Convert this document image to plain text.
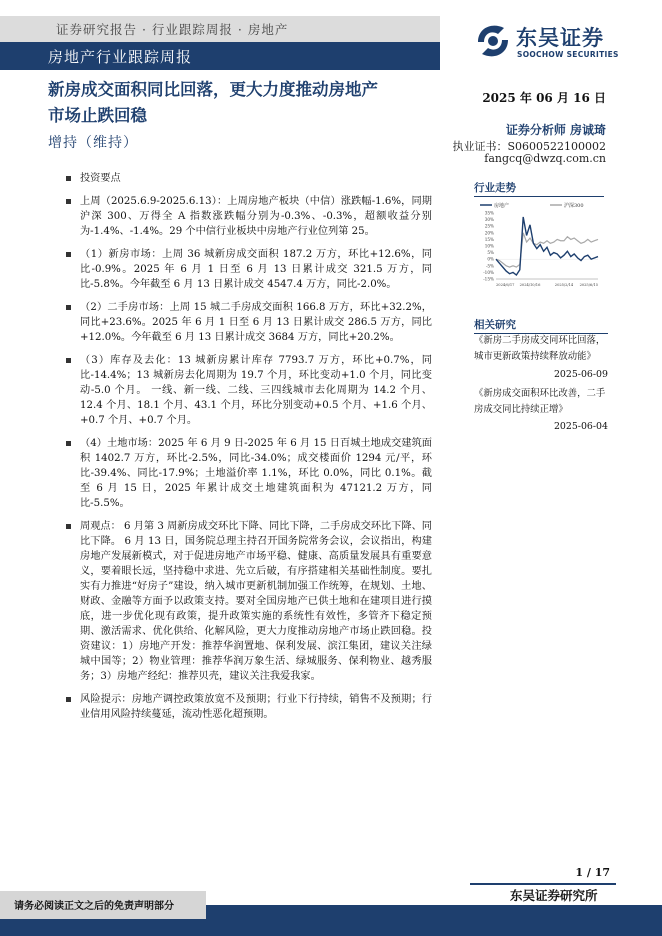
证券研究报告 · 行业跟踪周报 · 房地产
房地产行业跟踪周报
东吴证券
SOOCHOW SECURITIES
新房成交面积同比回落，更大力度推动房地产
市场止跌回稳
增持（维持）
2025 年 06 月 16 日
证券分析师 房诚琦
执业证书：S0600522100002
fangcq@dwzq.com.cn
投资要点
上周（2025.6.9-2025.6.13）：上周房地产板块（中信）涨跌幅-1.6%，同期沪深 300、万得全 A 指数涨跌幅分别为-0.3%、-0.3%，超额收益分别为-1.4%、-1.4%。29 个中信行业板块中房地产行业位列第 25。
（1）新房市场：上周 36 城新房成交面积 187.2 万方，环比+12.6%，同比-0.9%。2025 年 6 月 1 日至 6 月 13 日累计成交 321.5 万方，同比-5.8%。今年截至 6 月 13 日累计成交 4547.4 万方，同比-2.0%。
（2）二手房市场：上周 15 城二手房成交面积 166.8 万方，环比+32.2%，同比+23.6%。2025 年 6 月 1 日至 6 月 13 日累计成交 286.5 万方，同比+12.0%。今年截至 6 月 13 日累计成交 3684 万方，同比+20.2%。
（3）库存及去化：13 城新房累计库存 7793.7 万方，环比+0.7%，同比-14.4%；13 城新房去化周期为 19.7 个月，环比变动+1.0 个月，同比变动-5.0 个月。 一线、新一线、二线、三四线城市去化周期为 14.2 个月、12.4 个月、18.1 个月、43.1 个月，环比分别变动+0.5 个月、+1.6 个月、+0.7 个月、+0.7 个月。
（4）土地市场：2025 年 6 月 9 日-2025 年 6 月 15 日百城土地成交建筑面积 1402.7 万方，环比-2.5%，同比-34.0%；成交楼面价 1294 元/平，环比-39.4%、同比-17.9%；土地溢价率 1.1%，环比 0.0%，同比 0.1%。截至 6 月 15 日，2025 年累计成交土地建筑面积为 47121.2 万方，同比-5.5%。
周观点： 6 月第 3 周新房成交环比下降、同比下降，二手房成交环比下降、同比下降。 6 月 13 日，国务院总理主持召开国务院常务会议，会议指出，构建房地产发展新模式，对于促进房地产市场平稳、健康、高质量发展具有重要意义，要着眼长远，坚持稳中求进、先立后破，有序搭建相关基础性制度。要扎实有力推进“好房子”建设，纳入城市更新机制加强工作统筹，在规划、土地、财政、金融等方面予以政策支持。要对全国房地产已供土地和在建项目进行摸底，进一步优化现有政策，提升政策实施的系统性有效性，多管齐下稳定预期、激活需求、优化供给、化解风险，更大力度推动房地产市场止跌回稳。投资建议：1）房地产开发：推荐华润置地、保利发展、滨江集团，建议关注绿城中国等；2）物业管理：推荐华润万象生活、绿城服务、保利物业、越秀服务；3）房地产经纪：推荐贝壳，建议关注我爱我家。
风险提示：房地产调控政策放宽不及预期；行业下行持续，销售不及预期；行业信用风险持续蔓延，流动性恶化超预期。
行业走势
房地产	沪深300
35%
30%
25%
20%
15%
10%
5%
0%
-5%
-10%
-15%
2024/6/17 2024/10/16	2025/2/14 2025/6/15
相关研究
《新房二手房成交同环比回落，城市更新政策持续释放动能》
2025-06-09
《新房成交面积环比改善，二手房成交同比持续正增》
2025-06-04
1 / 17
东吴证券研究所
请务必阅读正文之后的免责声明部分
